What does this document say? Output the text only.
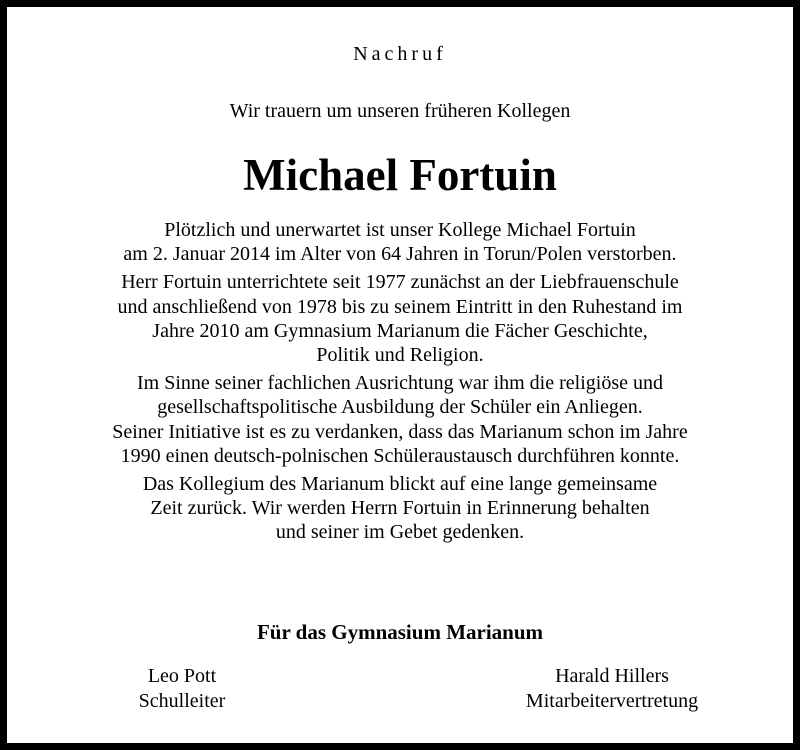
Nachruf
Wir trauern um unseren früheren Kollegen
Michael Fortuin
Plötzlich und unerwartet ist unser Kollege Michael Fortuin
am 2. Januar 2014 im Alter von 64 Jahren in Torun/Polen verstorben.
Herr Fortuin unterrichtete seit 1977 zunächst an der Liebfrauenschule
und anschließend von 1978 bis zu seinem Eintritt in den Ruhestand im
Jahre 2010 am Gymnasium Marianum die Fächer Geschichte,
Politik und Religion.
Im Sinne seiner fachlichen Ausrichtung war ihm die religiöse und
gesellschaftspolitische Ausbildung der Schüler ein Anliegen.
Seiner Initiative ist es zu verdanken, dass das Marianum schon im Jahre
1990 einen deutsch-polnischen Schüleraustausch durchführen konnte.
Das Kollegium des Marianum blickt auf eine lange gemeinsame
Zeit zurück. Wir werden Herrn Fortuin in Erinnerung behalten
und seiner im Gebet gedenken.
Für das Gymnasium Marianum
Leo Pott
Schulleiter
Harald Hillers
Mitarbeitervertretung
